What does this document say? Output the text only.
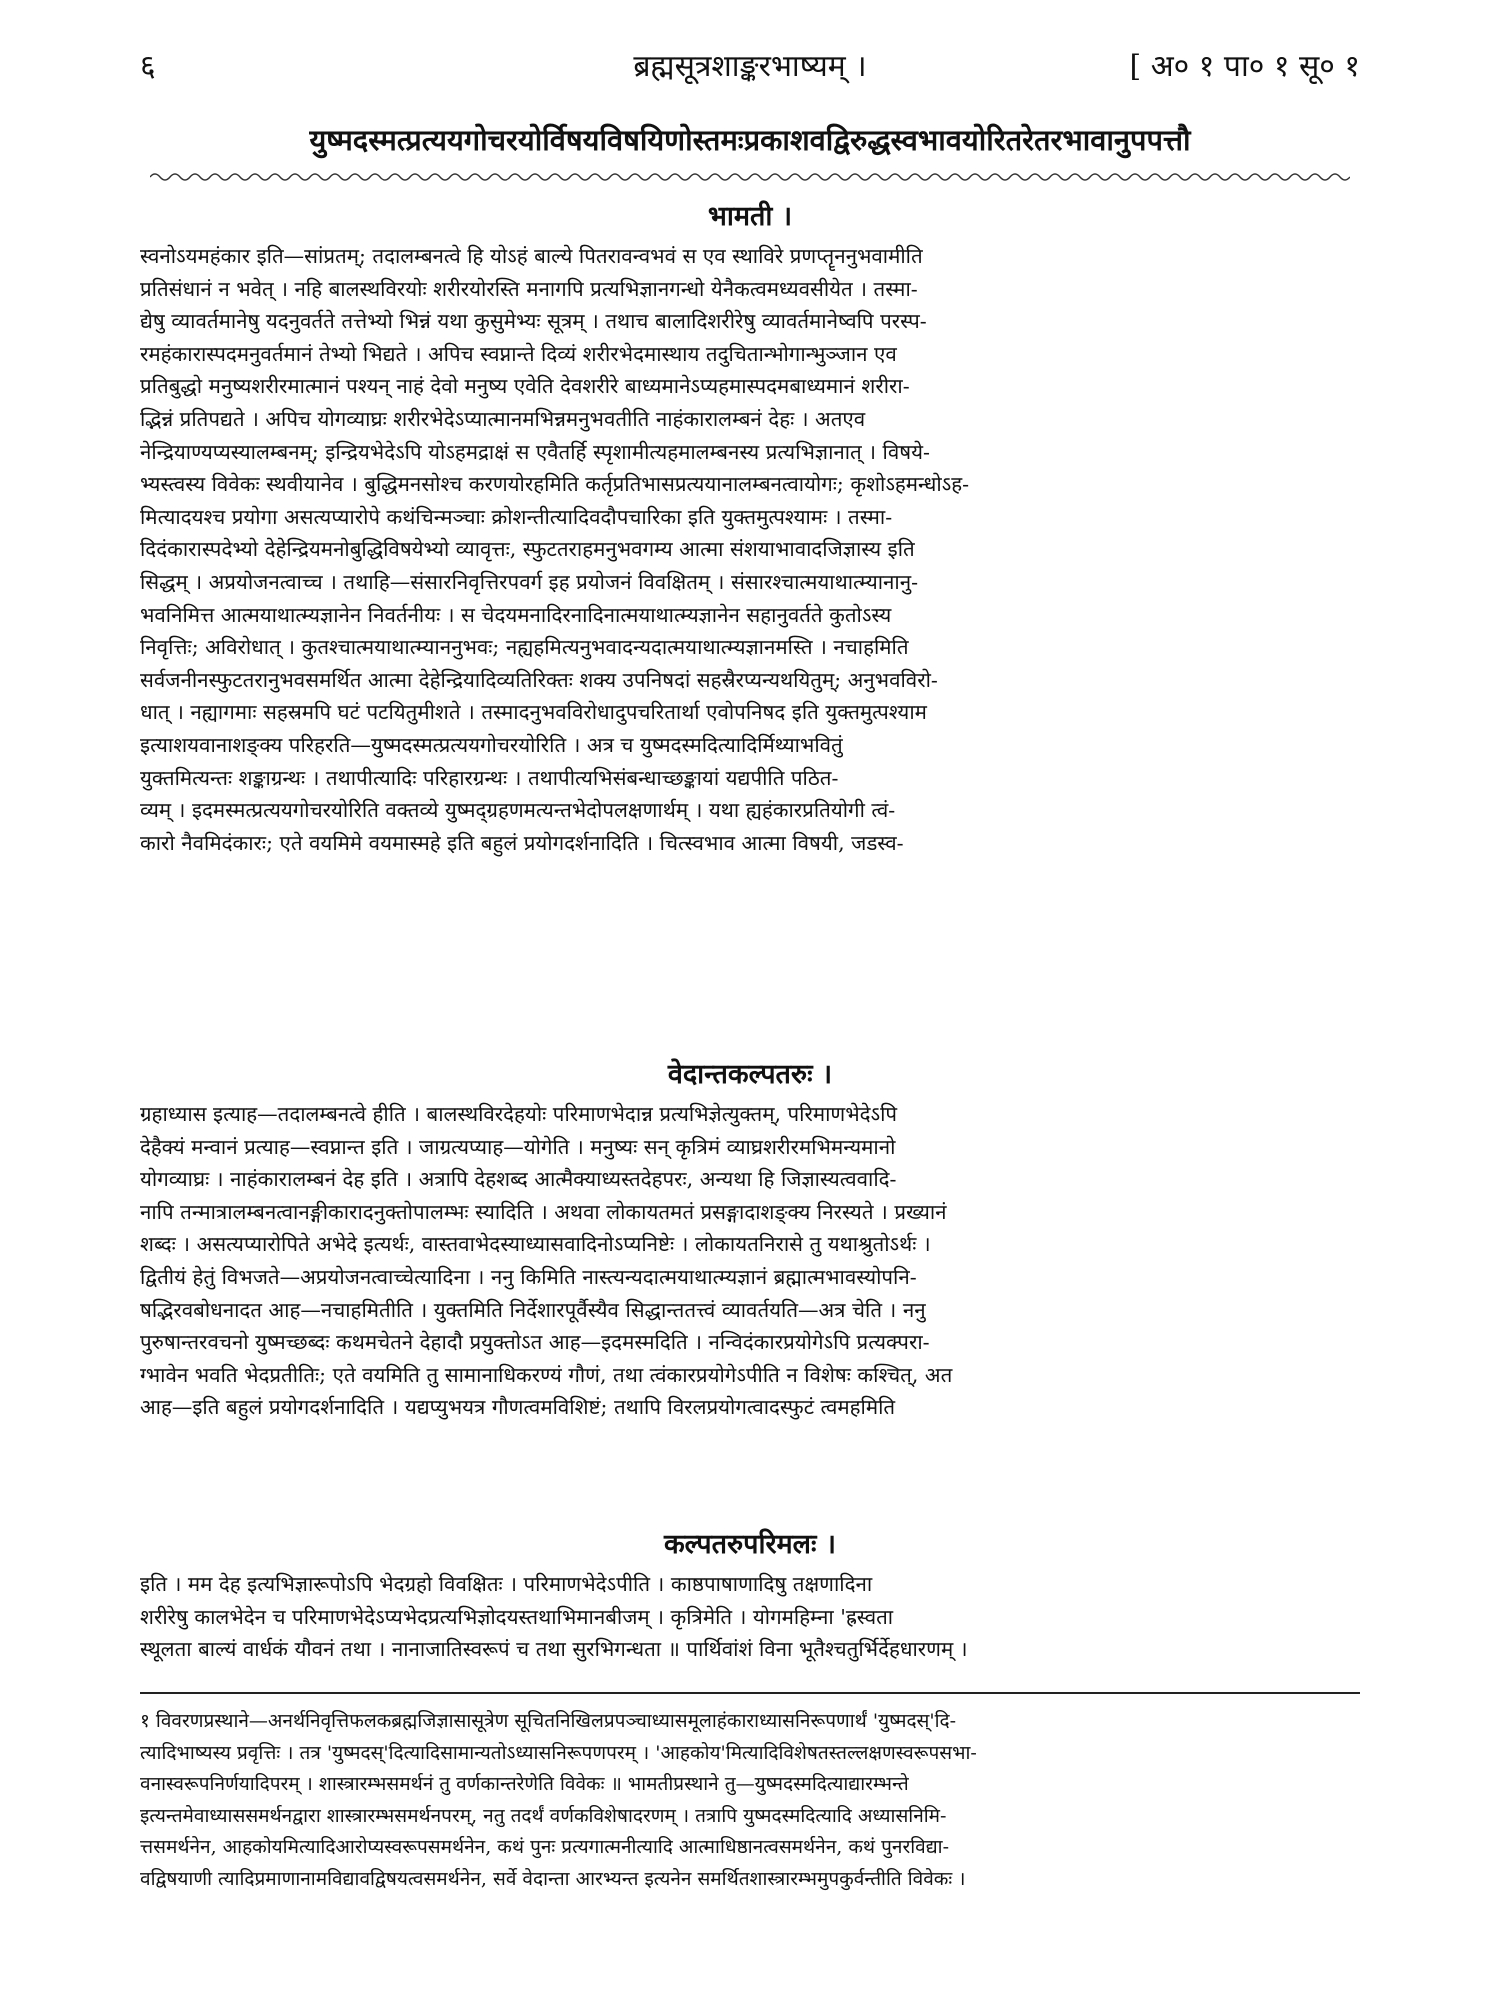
६	ब्रह्मसूत्रशाङ्करभाष्यम् ।	[ अ० १ पा० १ सू० १
युष्मदस्मत्प्रत्ययगोचरयोर्विषयविषयिणोस्तमःप्रकाशवद्विरुद्धस्वभावयोरितरेतरभावानुपपत्तौ
भामती ।
स्वनोऽयमहंकार इति—सांप्रतम्; तदालम्बनत्वे हि योऽहं बाल्ये पितरावन्वभवं स एव स्थाविरे प्रणप्तॄननुभवामीति
प्रतिसंधानं न भवेत् । नहि बालस्थविरयोः शरीरयोरस्ति मनागपि प्रत्यभिज्ञानगन्धो येनैकत्वमध्यवसीयेत । तस्मा-
द्येषु व्यावर्तमानेषु यदनुवर्तते तत्तेभ्यो भिन्नं यथा कुसुमेभ्यः सूत्रम् । तथाच बालादिशरीरेषु व्यावर्तमानेष्वपि परस्प-
रमहंकारास्पदमनुवर्तमानं तेभ्यो भिद्यते । अपिच स्वप्नान्ते दिव्यं शरीरभेदमास्थाय तदुचितान्भोगान्भुञ्जान एव
प्रतिबुद्धो मनुष्यशरीरमात्मानं पश्यन् नाहं देवो मनुष्य एवेति देवशरीरे बाध्यमानेऽप्यहमास्पदमबाध्यमानं शरीरा-
द्भिन्नं प्रतिपद्यते । अपिच योगव्याघ्रः शरीरभेदेऽप्यात्मानमभिन्नमनुभवतीति नाहंकारालम्बनं देहः । अतएव
नेन्द्रियाण्यप्यस्यालम्बनम्; इन्द्रियभेदेऽपि योऽहमद्राक्षं स एवैतर्हि स्पृशामीत्यहमालम्बनस्य प्रत्यभिज्ञानात् । विषये-
भ्यस्त्वस्य विवेकः स्थवीयानेव । बुद्धिमनसोश्च करणयोरहमिति कर्तृप्रतिभासप्रत्ययानालम्बनत्वायोगः; कृशोऽहमन्धोऽह-
मित्यादयश्च प्रयोगा असत्यप्यारोपे कथंचिन्मञ्चाः क्रोशन्तीत्यादिवदौपचारिका इति युक्तमुत्पश्यामः । तस्मा-
दिदंकारास्पदेभ्यो देहेन्द्रियमनोबुद्धिविषयेभ्यो व्यावृत्तः, स्फुटतराहमनुभवगम्य आत्मा संशयाभावादजिज्ञास्य इति
सिद्धम् । अप्रयोजनत्वाच्च । तथाहि—संसारनिवृत्तिरपवर्ग इह प्रयोजनं विवक्षितम् । संसारश्चात्मयाथात्म्यानानु-
भवनिमित्त आत्मयाथात्म्यज्ञानेन निवर्तनीयः । स चेदयमनादिरनादिनात्मयाथात्म्यज्ञानेन सहानुवर्तते कुतोऽस्य
निवृत्तिः; अविरोधात् । कुतश्चात्मयाथात्म्याननुभवः; नह्यहमित्यनुभवादन्यदात्मयाथात्म्यज्ञानमस्ति । नचाहमिति
सर्वजनीनस्फुटतरानुभवसमर्थित आत्मा देहेन्द्रियादिव्यतिरिक्तः शक्य उपनिषदां सहस्रैरप्यन्यथयितुम्; अनुभवविरो-
धात् । नह्यागमाः सहस्रमपि घटं पटयितुमीशते । तस्मादनुभवविरोधादुपचरितार्था एवोपनिषद इति युक्तमुत्पश्याम
इत्याशयवानाशङ्क्य परिहरति—युष्मदस्मत्प्रत्ययगोचरयोरिति । अत्र च युष्मदस्मदित्यादिर्मिथ्याभवितुं
युक्तमित्यन्तः शङ्काग्रन्थः । तथापीत्यादिः परिहारग्रन्थः । तथापीत्यभिसंबन्धाच्छङ्कायां यद्यपीति पठित-
व्यम् । इदमस्मत्प्रत्ययगोचरयोरिति वक्तव्ये युष्मद्ग्रहणमत्यन्तभेदोपलक्षणार्थम् । यथा ह्यहंकारप्रतियोगी त्वं-
कारो नैवमिदंकारः; एते वयमिमे वयमास्महे इति बहुलं प्रयोगदर्शनादिति । चित्स्वभाव आत्मा विषयी, जडस्व-
वेदान्तकल्पतरुः ।
ग्रहाध्यास इत्याह—तदालम्बनत्वे हीति । बालस्थविरदेहयोः परिमाणभेदान्न प्रत्यभिज्ञेत्युक्तम्, परिमाणभेदेऽपि
देहैक्यं मन्वानं प्रत्याह—स्वप्नान्त इति । जाग्रत्यप्याह—योगेति । मनुष्यः सन् कृत्रिमं व्याघ्रशरीरमभिमन्यमानो
योगव्याघ्रः । नाहंकारालम्बनं देह इति । अत्रापि देहशब्द आत्मैक्याध्यस्तदेहपरः, अन्यथा हि जिज्ञास्यत्ववादि-
नापि तन्मात्रालम्बनत्वानङ्गीकारादनुक्तोपालम्भः स्यादिति । अथवा लोकायतमतं प्रसङ्गादाशङ्क्य निरस्यते । प्रख्यानं
शब्दः । असत्यप्यारोपिते अभेदे इत्यर्थः, वास्तवाभेदस्याध्यासवादिनोऽप्यनिष्टेः । लोकायतनिरासे तु यथाश्रुतोऽर्थः ।
द्वितीयं हेतुं विभजते—अप्रयोजनत्वाच्चेत्यादिना । ननु किमिति नास्त्यन्यदात्मयाथात्म्यज्ञानं ब्रह्मात्मभावस्योपनि-
षद्भिरवबोधनादत आह—नचाहमितीति । युक्तमिति निर्देशारपूर्वैस्यैव सिद्धान्ततत्त्वं व्यावर्तयति—अत्र चेति । ननु
पुरुषान्तरवचनो युष्मच्छब्दः कथमचेतने देहादौ प्रयुक्तोऽत आह—इदमस्मदिति । नन्विदंकारप्रयोगेऽपि प्रत्यक्परा-
ग्भावेन भवति भेदप्रतीतिः; एते वयमिति तु सामानाधिकरण्यं गौणं, तथा त्वंकारप्रयोगेऽपीति न विशेषः कश्चित्, अत
आह—इति बहुलं प्रयोगदर्शनादिति । यद्यप्युभयत्र गौणत्वमविशिष्टं; तथापि विरलप्रयोगत्वादस्फुटं त्वमहमिति
कल्पतरुपरिमलः ।
इति । मम देह इत्यभिज्ञारूपोऽपि भेदग्रहो विवक्षितः । परिमाणभेदेऽपीति । काष्ठपाषाणादिषु तक्षणादिना
शरीरेषु कालभेदेन च परिमाणभेदेऽप्यभेदप्रत्यभिज्ञोदयस्तथाभिमानबीजम् । कृत्रिमेति । योगमहिम्ना 'ह्रस्वता
स्थूलता बाल्यं वार्धकं यौवनं तथा । नानाजातिस्वरूपं च तथा सुरभिगन्धता ॥ पार्थिवांशं विना भूतैश्चतुर्भिर्देहधारणम् ।
१ विवरणप्रस्थाने—अनर्थनिवृत्तिफलकब्रह्मजिज्ञासासूत्रेण सूचितनिखिलप्रपञ्चाध्यासमूलाहंकाराध्यासनिरूपणार्थं 'युष्मदस्'दि-
त्यादिभाष्यस्य प्रवृत्तिः । तत्र 'युष्मदस्'दित्यादिसामान्यतोऽध्यासनिरूपणपरम् । 'आहकोय'मित्यादिविशेषतस्तल्लक्षणस्वरूपसभा-
वनास्वरूपनिर्णयादिपरम् । शास्त्रारम्भसमर्थनं तु वर्णकान्तरेणेति विवेकः ॥ भामतीप्रस्थाने तु—युष्मदस्मदित्याद्यारम्भन्ते
इत्यन्तमेवाध्याससमर्थनद्वारा शास्त्रारम्भसमर्थनपरम्, नतु तदर्थं वर्णकविशेषादरणम् । तत्रापि युष्मदस्मदित्यादि अध्यासनिमि-
त्तसमर्थनेन, आहकोयमित्यादिआरोप्यस्वरूपसमर्थनेन, कथं पुनः प्रत्यगात्मनीत्यादि आत्माधिष्ठानत्वसमर्थनेन, कथं पुनरविद्या-
वद्विषयाणी त्यादिप्रमाणानामविद्यावद्विषयत्वसमर्थनेन, सर्वे वेदान्ता आरभ्यन्त इत्यनेन समर्थितशास्त्रारम्भमुपकुर्वन्तीति विवेकः ।
